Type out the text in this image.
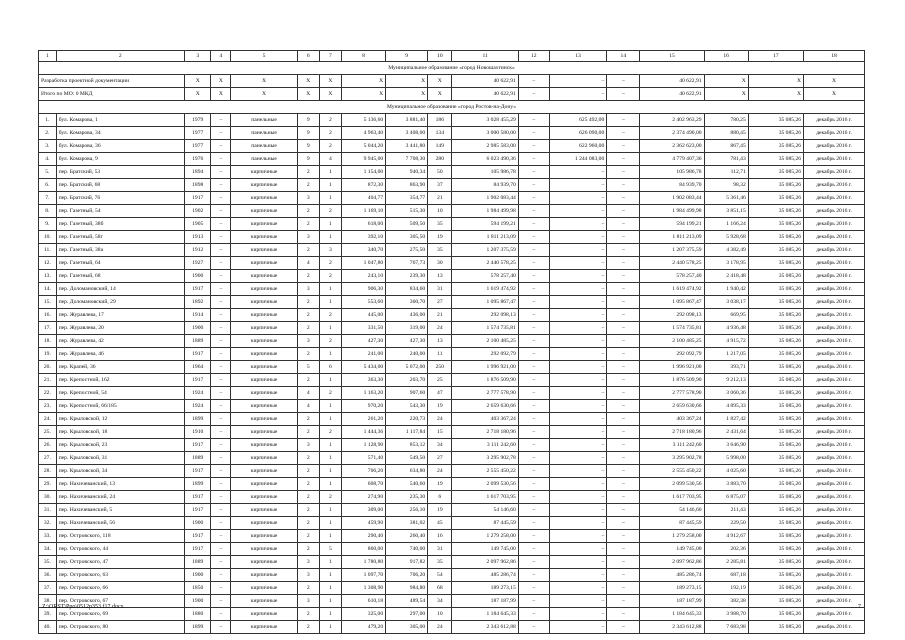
1	2	3	4	5	6	7	8	9	10	11	12	13	14	15	16	17	18
Муниципальное образование «город Новошахтинск»																	
Разработка проектной документации		X	X	X	X	X	X	X	X	40 622,91	–	–	–	40 622,91	X	X	X
Итого по МО: 0 МКД		X	X	X	X	X	X	X	X	40 622,91	–	–	–	40 622,91	X	X	X
Муниципальное образование «город Ростов-на-Дону»																	
1.	бул. Комарова, 1	1979	–	панельные	9	2	5 136,60	3 881,40	186	3 028 455,29	–	625 492,00	–	2 402 963,29	780,25	35 085,26	декабрь 2016 г.
2.	бул. Комарова, 34	1977	–	панельные	9	2	4 963,40	3 408,00	134	3 000 580,00	–	626 090,00	–	2 374 490,00	880,45	35 085,26	декабрь 2016 г.
3.	бул. Комарова, 36	1977	–	панельные	9	2	5 044,20	3 441,80	149	2 985 583,00	–	622 960,00	–	2 362 623,00	867,45	35 085,26	декабрь 2016 г.
4.	бул. Комарова, 9	1976	–	панельные	9	4	9 945,00	7 708,30	280	6 023 490,36	–	1 244 083,00	–	4 779 407,36	781,43	35 085,26	декабрь 2016 г.
5.	пер. Братский, 53	1894	–	кирпичные	2	1	1 154,00	940,34	50	105 986,78	–	–	–	105 986,78	112,71	35 085,26	декабрь 2016 г.
6.	пер. Братский, 68	1898	–	кирпичные	2	1	872,30	863,90	37	84 939,70	–	–	–	84 939,70	98,32	35 085,26	декабрь 2016 г.
7.	пер. Братский, 76	1917	–	кирпичные	3	1	404,77	354,77	21	1 902 083,44	–	–	–	1 902 083,44	5 361,46	35 085,26	декабрь 2016 г.
8.	пер. Газетный, 54	1902	–	кирпичные	2	2	1 169,10	515,30	10	1 984 499,98	–	–	–	1 984 499,98	3 851,15	35 085,26	декабрь 2016 г.
9.	пер. Газетный, 38б	1905	–	кирпичные	2	1	618,00	509,50	35	594 199,21	–	–	–	594 199,21	1 166,24	35 085,26	декабрь 2016 г.
10.	пер. Газетный, 58г	1913	–	кирпичные	3	1	392,10	305,50	19	1 811 213,09	–	–	–	1 811 213,09	5 928,68	35 085,26	декабрь 2016 г.
11.	пер. Газетный, 38а	1912	–	кирпичные	2	3	340,70	275,50	35	1 207 375,59	–	–	–	1 207 375,59	4 382,49	35 085,26	декабрь 2016 г.
12.	пер. Газетный, 64	1927	–	кирпичные	4	2	1 047,80	767,73	30	2 440 578,25	–	–	–	2 440 578,25	3 178,95	35 085,26	декабрь 2016 г.
13.	пер. Газетный, 68	1900	–	кирпичные	2	2	243,10	239,30	13	578 257,40	–	–	–	578 257,40	2 418,48	35 085,26	декабрь 2016 г.
14.	пер. Доломановский, 14	1917	–	кирпичные	3	1	906,30	834,60	31	1 619 474,92	–	–	–	1 619 474,92	1 940,42	35 085,26	декабрь 2016 г.
15.	пер. Доломановский, 29	1892	–	кирпичные	2	1	553,60	360,70	27	1 095 867,47	–	–	–	1 095 867,47	3 038,17	35 085,26	декабрь 2016 г.
16.	пер. Журавлева, 17	1914	–	кирпичные	2	2	445,00	436,00	21	292 098,13	–	–	–	292 098,13	669,95	35 085,26	декабрь 2016 г.
17.	пер. Журавлева, 20	1900	–	кирпичные	2	1	331,50	319,00	24	1 574 735,81	–	–	–	1 574 735,81	4 936,48	35 085,26	декабрь 2016 г.
18.	пер. Журавлева, 42	1889	–	кирпичные	3	2	427,30	427,30	13	2 100 485,25	–	–	–	2 100 485,25	4 915,72	35 085,26	декабрь 2016 г.
19.	пер. Журавлева, 46	1917	–	кирпичные	2	1	241,00	240,00	11	292 092,79	–	–	–	292 092,79	1 217,05	35 085,26	декабрь 2016 г.
20.	пер. Крапей, 36	1964	–	кирпичные	5	6	5 434,00	5 072,00	250	1 996 921,00	–	–	–	1 996 921,00	393,71	35 085,26	декабрь 2016 г.
21.	пер. Крепостной, 162	1917	–	кирпичные	2	1	363,30	203,70	25	1 876 509,90	–	–	–	1 876 509,90	9 212,13	35 085,26	декабрь 2016 г.
22.	пер. Крепостной, 54	1924	–	кирпичные	4	2	1 163,20	907,60	47	2 777 578,90	–	–	–	2 777 578,90	3 060,36	35 085,26	декабрь 2016 г.
23.	пер. Крепостной, 66/185	1924	–	кирпичные	4	1	970,20	543,30	19	2 659 630,66	–	–	–	2 659 630,66	4 895,33	35 085,26	декабрь 2016 г.
24.	пер. Крыловской, 12	1899	–	кирпичные	2	1	261,20	220,73	24	403 367,24	–	–	–	403 367,24	1 827,42	35 085,26	декабрь 2016 г.
25.	пер. Крыловской, 18	1910	–	кирпичные	2	2	1 444,36	1 117,84	15	2 718 180,96	–	–	–	2 718 180,96	2 431,64	35 085,26	декабрь 2016 г.
26.	пер. Крыловской, 23	1917	–	кирпичные	3	1	1 128,90	853,12	34	3 111 242,60	–	–	–	3 111 242,60	3 646,90	35 085,26	декабрь 2016 г.
27.	пер. Крыловской, 31	1889	–	кирпичные	2	1	571,40	549,50	27	3 295 902,78	–	–	–	3 295 902,78	5 998,00	35 085,26	декабрь 2016 г.
28.	пер. Крыловской, 34	1917	–	кирпичные	2	1	706,20	634,80	24	2 555 450,22	–	–	–	2 555 450,22	4 025,60	35 085,26	декабрь 2016 г.
29.	пер. Нахичеванский, 13	1899	–	кирпичные	2	1	608,70	540,60	19	2 099 530,56	–	–	–	2 099 530,56	3 883,70	35 085,26	декабрь 2016 г.
30.	пер. Нахичеванский, 24	1917	–	кирпичные	2	2	274,90	235,30	6	1 617 703,95	–	–	–	1 617 703,95	6 875,07	35 085,26	декабрь 2016 г.
31.	пер. Нахичеванский, 5	1917	–	кирпичные	2	1	309,00	256,10	19	54 146,60	–	–	–	54 146,60	211,43	35 085,26	декабрь 2016 г.
32.	пер. Нахичеванский, 56	1900	–	кирпичные	2	1	459,90	381,02	45	87 445,59	–	–	–	87 445,59	229,50	35 085,26	декабрь 2016 г.
33.	пер. Островского, 118	1917	–	кирпичные	2	1	290,40	260,40	16	1 279 258,00	–	–	–	1 279 258,00	4 912,67	35 085,26	декабрь 2016 г.
34.	пер. Островского, 44	1917	–	кирпичные	2	5	860,00	740,00	31	149 745,00	–	–	–	149 745,00	202,36	35 085,26	декабрь 2016 г.
35.	пер. Островского, 47	1889	–	кирпичные	3	1	1 780,80	917,82	35	2 097 962,86	–	–	–	2 097 962,86	2 285,81	35 085,26	декабрь 2016 г.
36.	пер. Островского, 63	1900	–	кирпичные	3	1	1 097,70	706,20	54	485 286,74	–	–	–	485 286,74	687,18	35 085,26	декабрь 2016 г.
37.	пер. Островского, 66	1850	–	кирпичные	2	1	1 308,90	984,80	68	189 273,15	–	–	–	189 273,15	192,19	35 085,26	декабрь 2016 г.
38.	пер. Островского, 67	1900	–	кирпичные	3	1	610,18	489,54	34	187 187,99	–	–	–	187 187,99	382,38	35 085,26	декабрь 2016 г.
39.	пер. Островского, 69	1880	–	кирпичные	2	1	325,00	297,00	10	1 184 645,33	–	–	–	1 184 645,33	3 988,70	35 085,26	декабрь 2016 г.
40.	пер. Островского, 80	1899	–	кирпичные	2	1	479,20	305,00	24	2 343 612,88	–	–	–	2 343 612,88	7 683,98	35 085,26	декабрь 2016 г.
Z:\ORST\Ppo\0512p353.f17.docx	7
